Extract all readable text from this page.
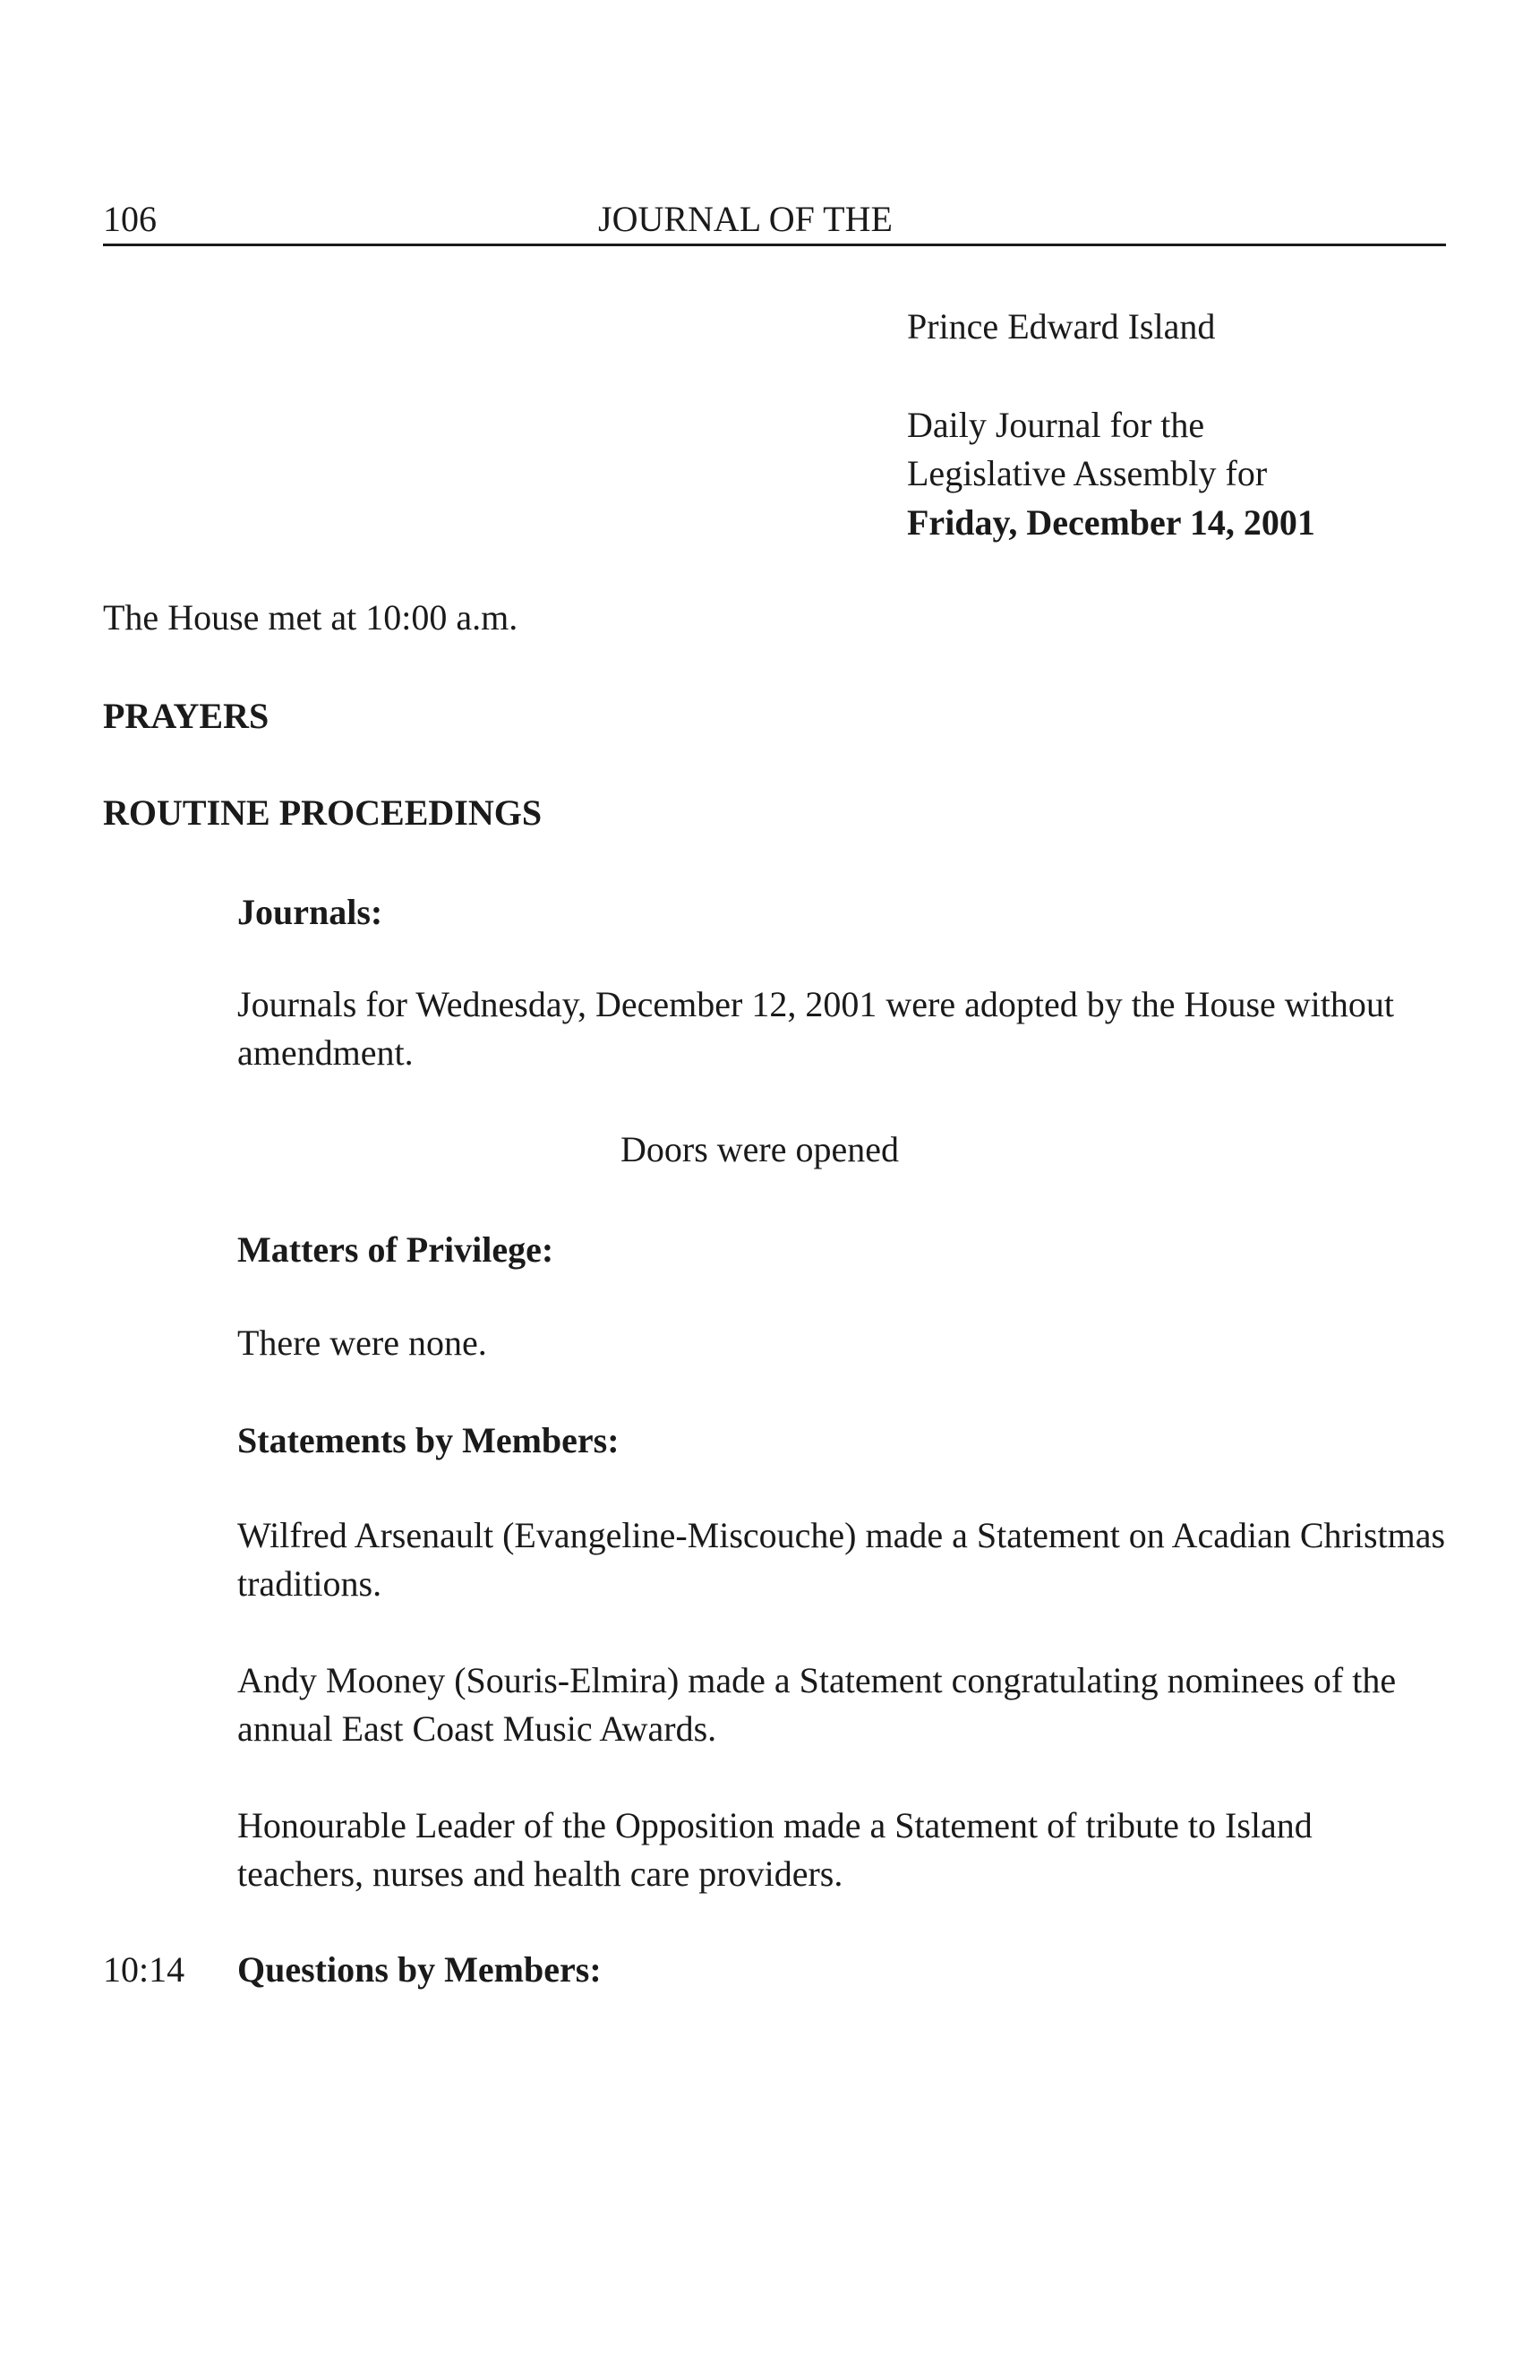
106	JOURNAL OF THE
Prince Edward Island
Daily Journal for the
Legislative Assembly for
Friday, December 14, 2001
The House met at 10:00 a.m.
PRAYERS
ROUTINE PROCEEDINGS
Journals:
Journals for Wednesday, December 12, 2001 were adopted by the House without amendment.
Doors were opened
Matters of Privilege:
There were none.
Statements by Members:
Wilfred Arsenault (Evangeline-Miscouche) made a Statement on Acadian Christmas traditions.
Andy Mooney (Souris-Elmira) made a Statement congratulating nominees of the annual East Coast Music Awards.
Honourable Leader of the Opposition made a Statement of tribute to Island teachers, nurses and health care providers.
10:14 Questions by Members:
